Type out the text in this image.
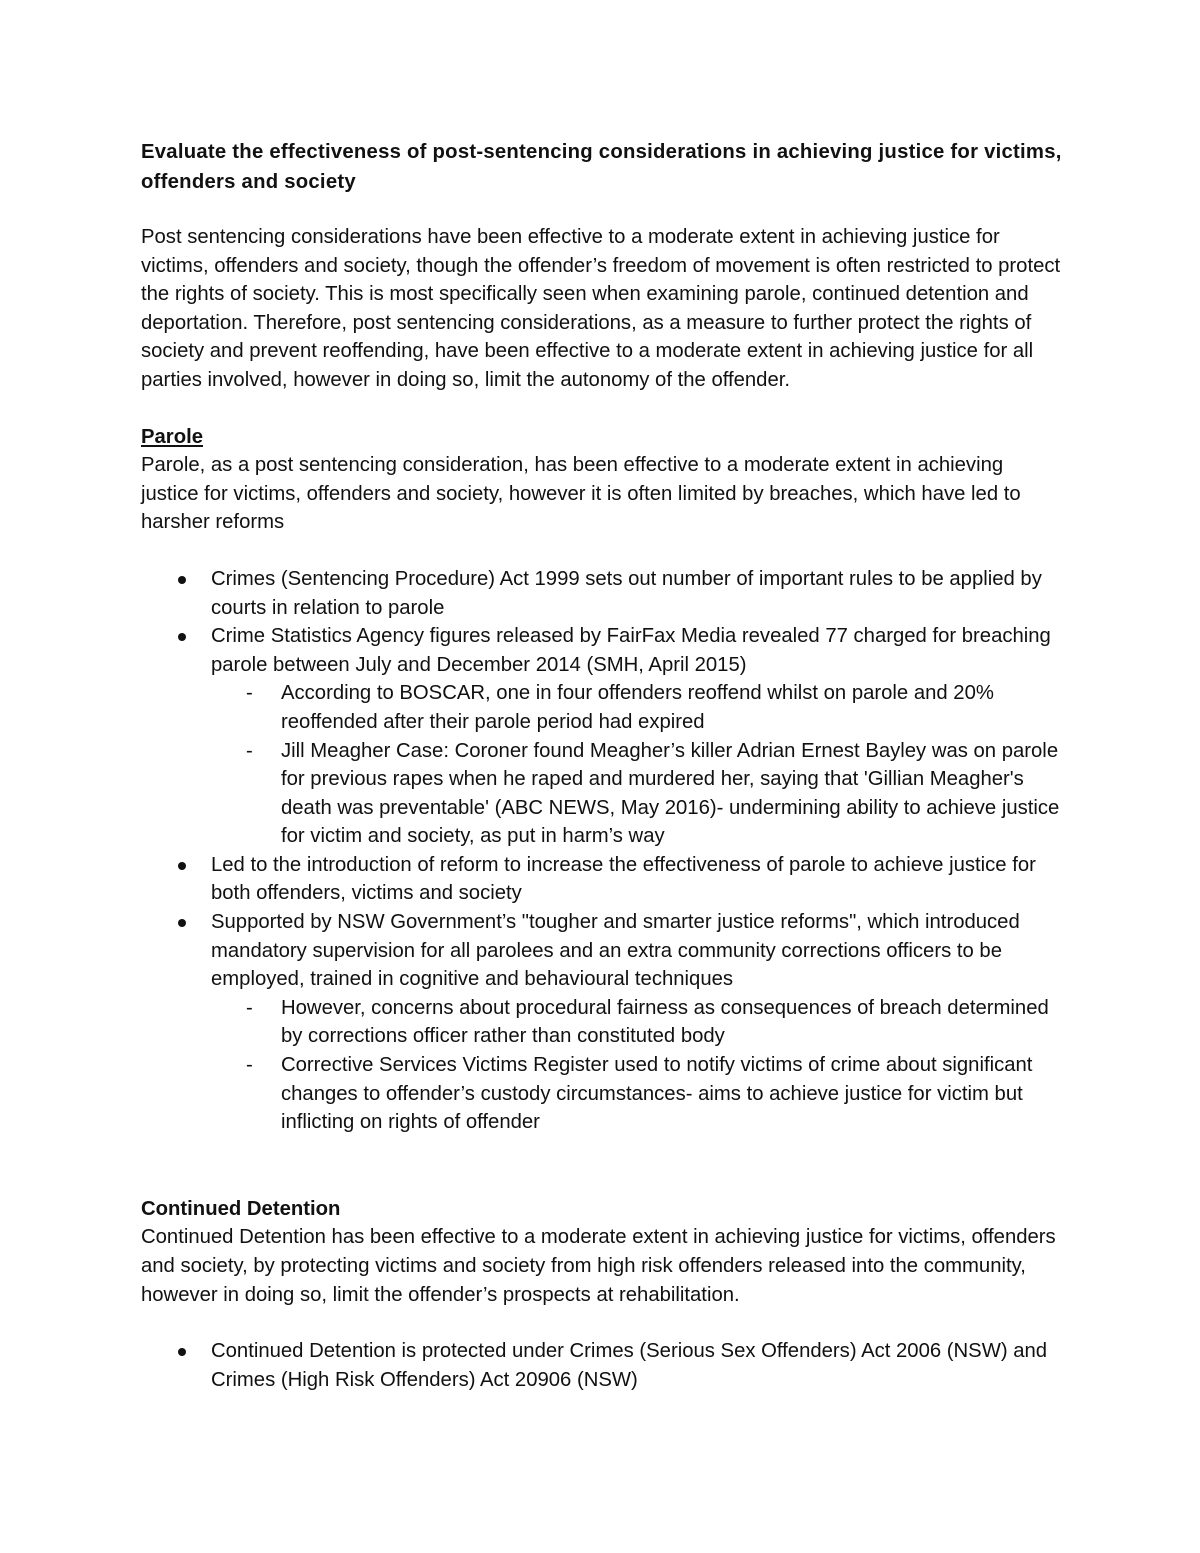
Evaluate the effectiveness of post-sentencing considerations in achieving justice for victims, offenders and society

Post sentencing considerations have been effective to a moderate extent in achieving justice for victims, offenders and society, though the offender’s freedom of movement is often restricted to protect the rights of society. This is most specifically seen when examining parole, continued detention and deportation. Therefore, post sentencing considerations, as a measure to further protect the rights of society and prevent reoffending, have been effective to a moderate extent in achieving justice for all parties involved, however in doing so, limit the autonomy of the offender.

Parole

Parole, as a post sentencing consideration, has been effective to a moderate extent in achieving justice for victims, offenders and society, however it is often limited by breaches, which have led to harsher reforms

Crimes (Sentencing Procedure) Act 1999 sets out number of important rules to be applied by courts in relation to parole
Crime Statistics Agency figures released by FairFax Media revealed 77 charged for breaching parole between July and December 2014 (SMH, April 2015)
- According to BOSCAR, one in four offenders reoffend whilst on parole and 20% reoffended after their parole period had expired
- Jill Meagher Case: Coroner found Meagher’s killer Adrian Ernest Bayley was on parole for previous rapes when he raped and murdered her, saying that 'Gillian Meagher's death was preventable' (ABC NEWS, May 2016)- undermining ability to achieve justice for victim and society, as put in harm’s way
Led to the introduction of reform to increase the effectiveness of parole to achieve justice for both offenders, victims and society
Supported by NSW Government’s "tougher and smarter justice reforms", which introduced mandatory supervision for all parolees and an extra community corrections officers to be employed, trained in cognitive and behavioural techniques
- However, concerns about procedural fairness as consequences of breach determined by corrections officer rather than constituted body
- Corrective Services Victims Register used to notify victims of crime about significant changes to offender’s custody circumstances- aims to achieve justice for victim but inflicting on rights of offender

Continued Detention

Continued Detention has been effective to a moderate extent in achieving justice for victims, offenders and society, by protecting victims and society from high risk offenders released into the community, however in doing so, limit the offender’s prospects at rehabilitation.

Continued Detention is protected under Crimes (Serious Sex Offenders) Act 2006 (NSW) and Crimes (High Risk Offenders) Act 20906 (NSW)
